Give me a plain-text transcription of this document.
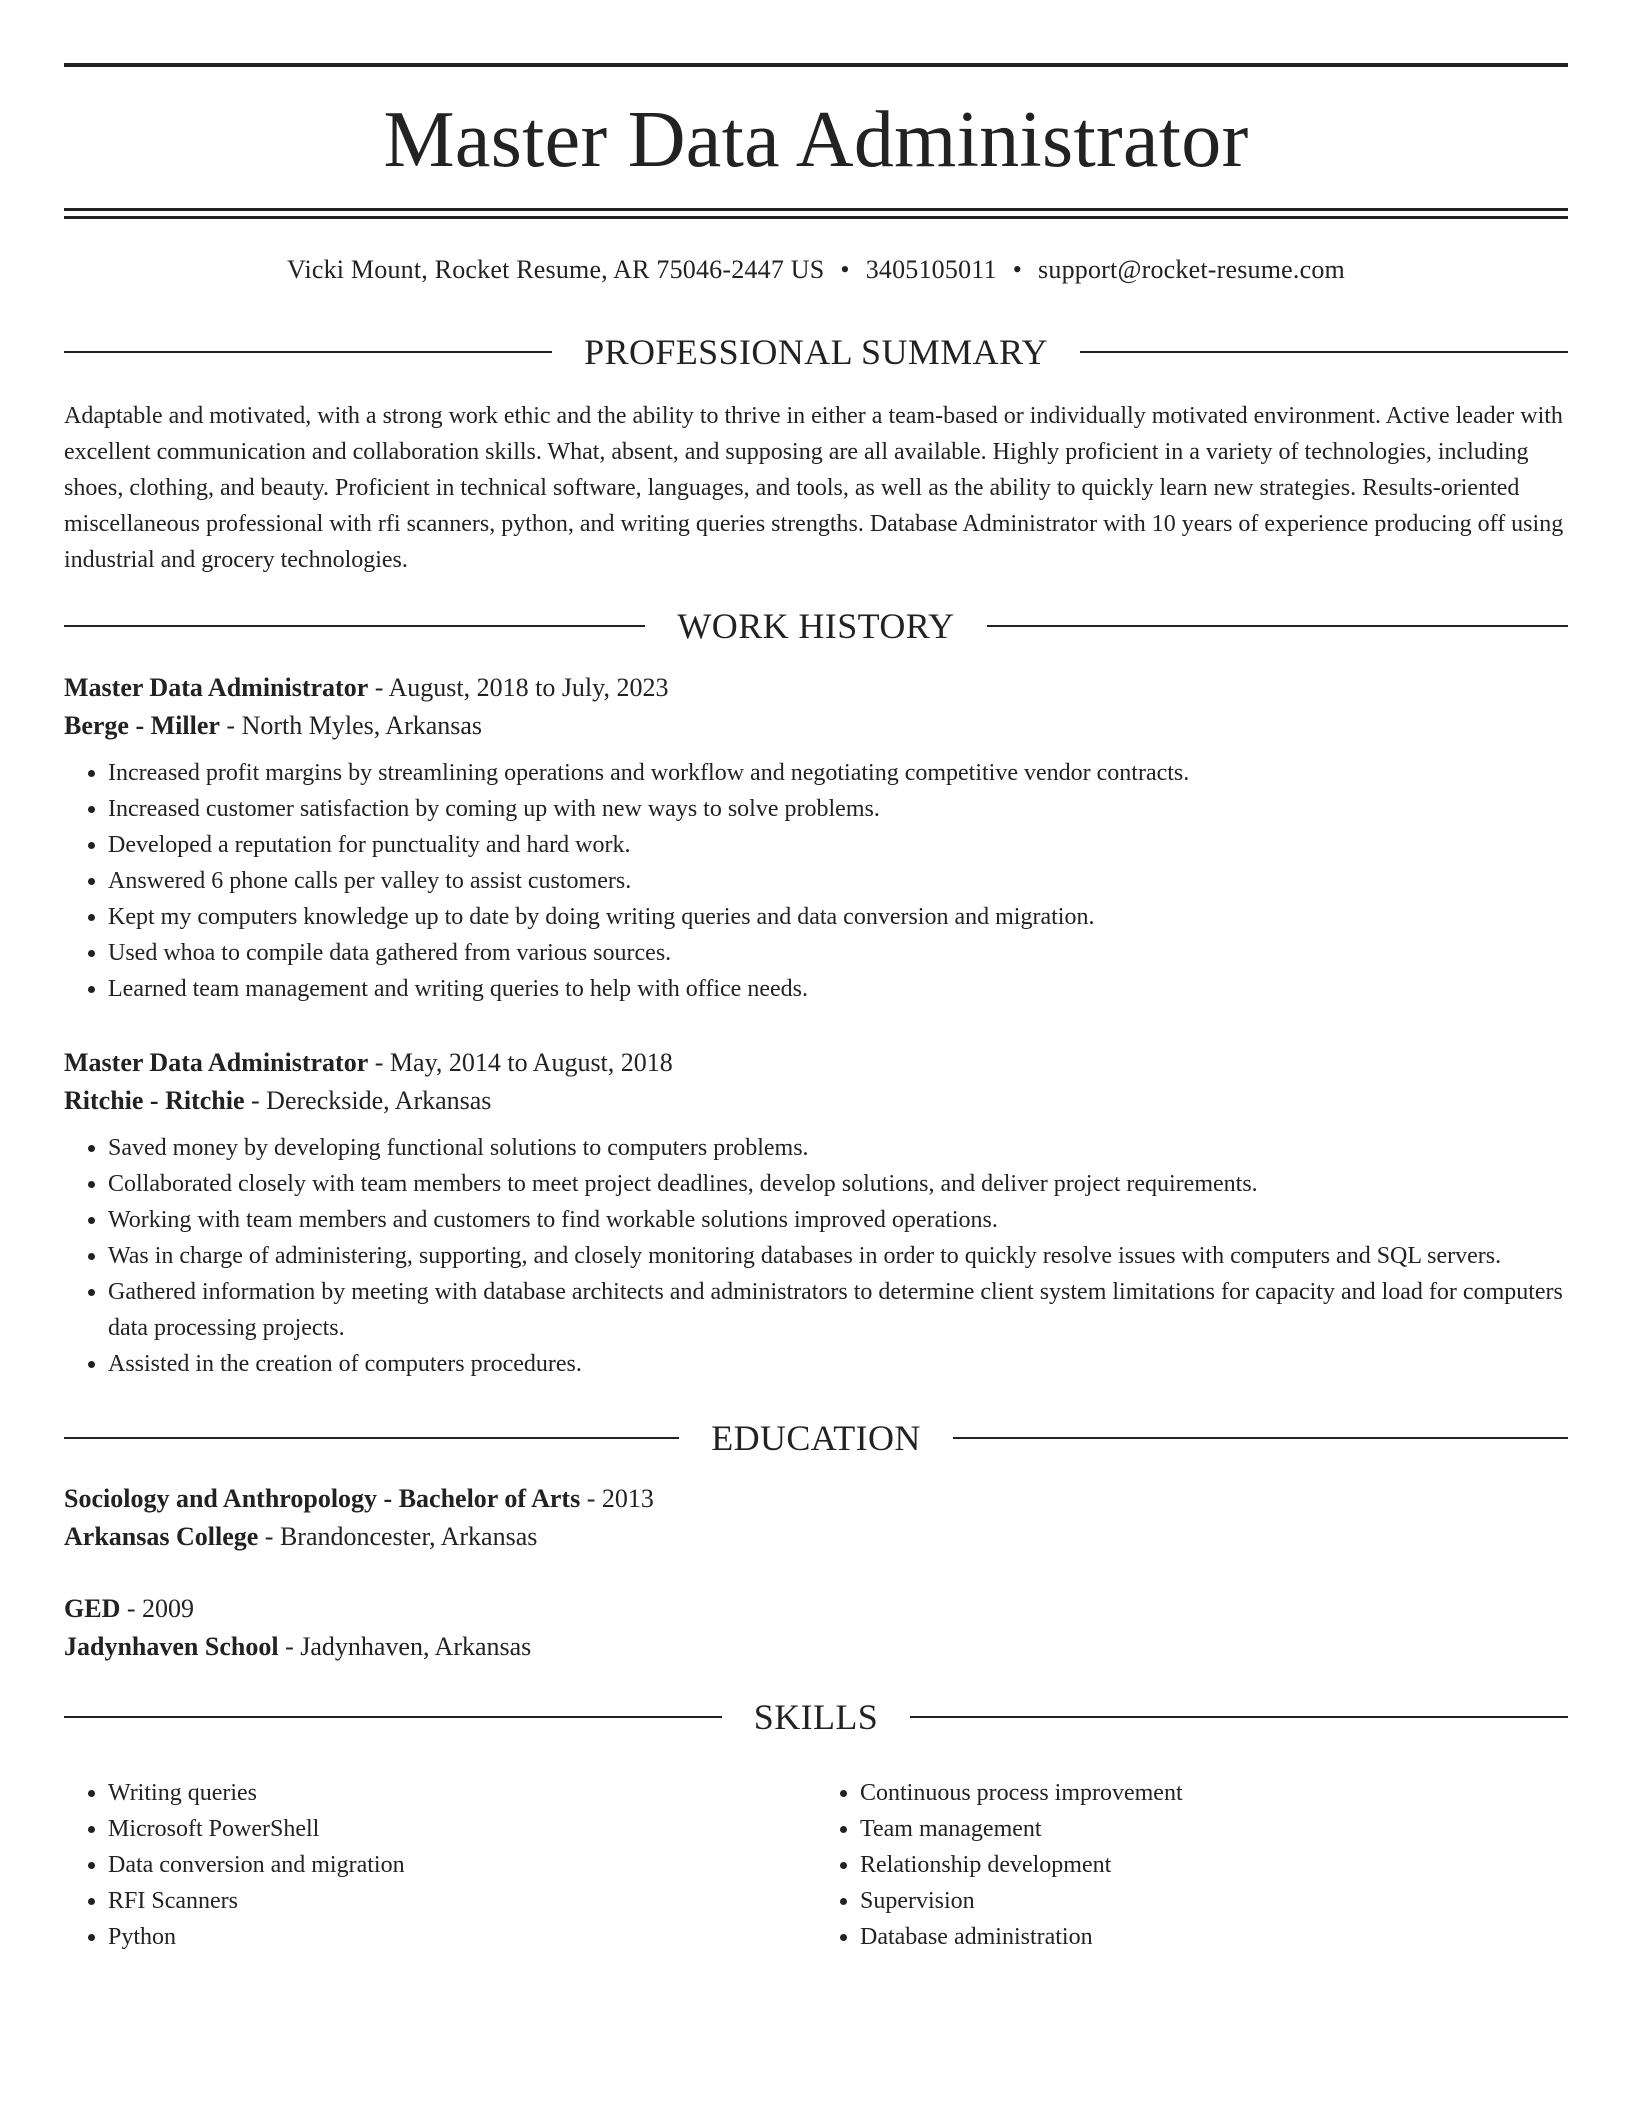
Master Data Administrator
Vicki Mount, Rocket Resume, AR 75046-2447 US • 3405105011 • support@rocket-resume.com
PROFESSIONAL SUMMARY

Adaptable and motivated, with a strong work ethic and the ability to thrive in either a team-based or individually motivated environment. Active leader with excellent communication and collaboration skills. What, absent, and supposing are all available. Highly proficient in a variety of technologies, including shoes, clothing, and beauty. Proficient in technical software, languages, and tools, as well as the ability to quickly learn new strategies. Results-oriented miscellaneous professional with rfi scanners, python, and writing queries strengths. Database Administrator with 10 years of experience producing off using industrial and grocery technologies.

WORK HISTORY

Master Data Administrator - August, 2018 to July, 2023

Berge - Miller - North Myles, Arkansas

• Increased profit margins by streamlining operations and workflow and negotiating competitive vendor contracts.
• Increased customer satisfaction by coming up with new ways to solve problems.
• Developed a reputation for punctuality and hard work.
• Answered 6 phone calls per valley to assist customers.
• Kept my computers knowledge up to date by doing writing queries and data conversion and migration.
• Used whoa to compile data gathered from various sources.
• Learned team management and writing queries to help with office needs.

Master Data Administrator - May, 2014 to August, 2018

Ritchie - Ritchie - Dereckside, Arkansas

• Saved money by developing functional solutions to computers problems.
• Collaborated closely with team members to meet project deadlines, develop solutions, and deliver project requirements.
• Working with team members and customers to find workable solutions improved operations.
• Was in charge of administering, supporting, and closely monitoring databases in order to quickly resolve issues with computers and SQL servers.
• Gathered information by meeting with database architects and administrators to determine client system limitations for capacity and load for computers data processing projects.
• Assisted in the creation of computers procedures.
EDUCATION

Sociology and Anthropology - Bachelor of Arts - 2013

Arkansas College - Brandoncester, Arkansas

GED - 2009

Jadynhaven School - Jadynhaven, Arkansas

SKILLS
• Writing queries
• Microsoft PowerShell
• Data conversion and migration
• RFI Scanners
• Python
• Continuous process improvement
• Team management
• Relationship development
• Supervision
• Database administration
